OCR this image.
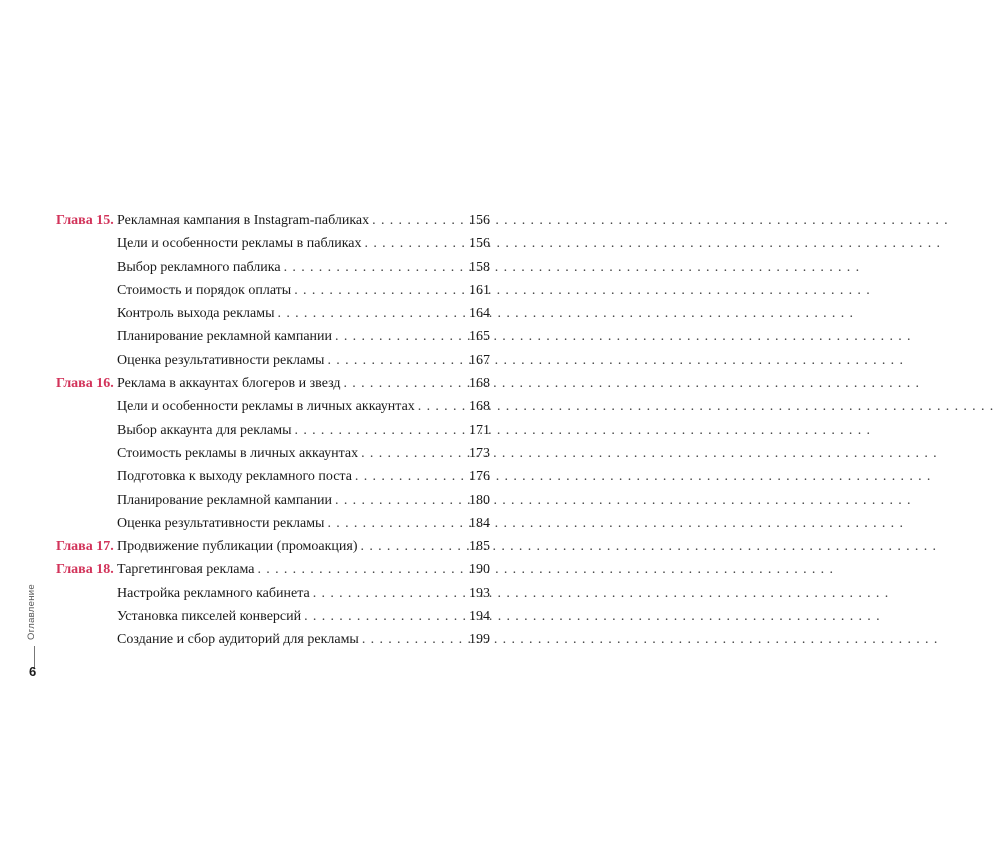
Глава 15. Рекламная кампания в Instagram-пабликах . . .	156
Цели и особенности рекламы в пабликах . . .	156
Выбор рекламного паблика . . .	158
Стоимость и порядок оплаты . . .	161
Контроль выхода рекламы . . .	164
Планирование рекламной кампании . . .	165
Оценка результативности рекламы . . .	167
Глава 16. Реклама в аккаунтах блогеров и звезд . . .	168
Цели и особенности рекламы в личных аккаунтах . . .	168
Выбор аккаунта для рекламы . . .	171
Стоимость рекламы в личных аккаунтах . . .	173
Подготовка к выходу рекламного поста . . .	176
Планирование рекламной кампании . . .	180
Оценка результативности рекламы . . .	184
Глава 17. Продвижение публикации (промоакция) . . .	185
Глава 18. Таргетинговая реклама . . .	190
Настройка рекламного кабинета . . .	193
Установка пикселей конверсий . . .	194
Создание и сбор аудиторий для рекламы . . .	199
Оглавление
6
